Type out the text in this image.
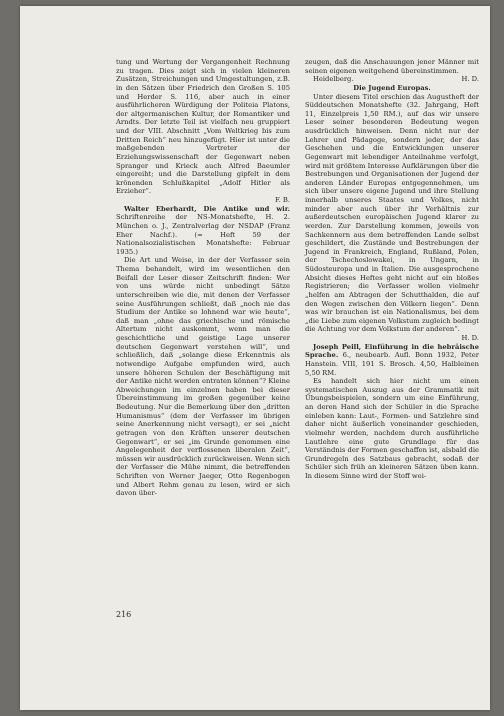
tung und Wertung der Vergangenheit Rechnung zu tragen. Dies zeigt sich in vielen kleineren Zusätzen, Streichungen und Umgestaltungen, z.B. in den Sätzen über Friedrich den Großen S. 105 und Herder S. 116, aber auch in einer ausführlicheren Würdigung der Politeia Platons, der altgermanischen Kultur, der Romantiker und Arndts. Der letzte Teil ist vielfach neu gruppiert und der VIII. Abschnitt „Vom Weltkrieg bis zum Dritten Reich“ neu hinzugefügt. Hier ist unter die maßgebenden Vertreter der Erziehungswissenschaft der Gegenwart neben Spranger und Krieck auch Alfred Baeumler eingereiht; und die Darstellung gipfelt in dem krönenden Schlußkapitel „Adolf Hitler als Erzieher“.

F. B.

Walter Eberhardt, Die Antike und wir. Schriftenreihe der NS-Monatshefte, H. 2. München o. J., Zentralverlag der NSDAP (Franz Eher Nachf.). (= Heft 59 der Nationalsozialistischen Monatshefte: Februar 1935.)

Die Art und Weise, in der der Verfasser sein Thema behandelt, wird im wesentlichen den Beifall der Leser dieser Zeitschrift finden: Wer von uns würde nicht unbedingt Sätze unterschreiben wie die, mit denen der Verfasser seine Ausführungen schließt, daß „noch nie das Studium der Antike so lohnend war wie heute“, daß man „ohne das griechische und römische Altertum nicht auskommt, wenn man die geschichtliche und geistige Lage unserer deutschen Gegenwart verstehen will“, und schließlich, daß „solange diese Erkenntnis als notwendige Aufgabe empfunden wird, auch unsere höheren Schulen der Beschäftigung mit der Antike nicht werden entraten können“? Kleine Abweichungen im einzelnen haben bei dieser Übereinstimmung im großen gegenüber keine Bedeutung. Nur die Bemerkung über den „dritten Humanismus“ (dem der Verfasser im übrigen seine Anerkennung nicht versagt), er sei „nicht getragen von den Kräften unserer deutschen Gegenwart“, er sei „im Grunde genommen eine Angelegenheit der verflossenen liberalen Zeit“, müssen wir ausdrücklich zurückweisen. Wenn sich der Verfasser die Mühe nimmt, die betreffenden Schriften von Werner Jaeger, Otto Regenbogen und Albert Rehm genau zu lesen, wird er sich davon über-

zeugen, daß die Anschauungen jener Männer mit seinen eigenen weitgehend übereinstimmen.

Heidelberg.	H. D.

Die Jugend Europas.

Unter diesem Titel erschien das Augustheft der Süddeutschen Monatshefte (32. Jahrgang, Heft 11, Einzelpreis 1,50 RM.), auf das wir unsere Leser seiner besonderen Bedeutung wegen ausdrücklich hinweisen. Denn nicht nur der Lehrer und Pädagoge, sondern jeder, der das Geschehen und die Entwicklungen unserer Gegenwart mit lebendiger Anteilnahme verfolgt, wird mit größtem Interesse Aufklärungen über die Bestrebungen und Organisationen der Jugend der anderen Länder Europas entgegennehmen, um sich über unsere eigene Jugend und ihre Stellung innerhalb unseres Staates und Volkes, nicht minder aber auch über ihr Verhältnis zur außerdeutschen europäischen Jugend klarer zu werden. Zur Darstellung kommen, jeweils von Sachkennern aus dem betreffenden Lande selbst geschildert, die Zustände und Bestrebungen der Jugend in Frankreich, England, Rußland, Polen, der Tschechoslowakei, in Ungarn, in Südosteuropa und in Italien. Die ausgesprochene Absicht dieses Heftes geht nicht auf ein bloßes Registrieren; die Verfasser wollen vielmehr „helfen am Abtragen der Schutthalden, die auf den Wegen zwischen den Völkern liegen“. Denn was wir brauchen ist ein Nationalismus, bei dem „die Liebe zum eigenen Volkstum zugleich bedingt die Achtung vor dem Volkstum der anderen“.

H. D.

Joseph Peill, Einführung in die hebräische Sprache. 6., neubearb. Aufl. Bonn 1932, Peter Hanstein. VIII, 191 S. Brosch. 4,50, Halbleinen 5,50 RM.

Es handelt sich hier nicht um einen systematischen Auszug aus der Grammatik mit Übungsbeispielen, sondern um eine Einführung, an deren Hand sich der Schüler in die Sprache einleben kann: Laut-, Formen- und Satzlehre sind daher nicht äußerlich voneinander geschieden, vielmehr werden, nachdem durch ausführliche Lautlehre eine gute Grundlage für das Verständnis der Formen geschaffen ist, alsbald die Grundregeln des Satzbaus gebracht, sodaß der Schüler sich früh an kleineren Sätzen üben kann. In diesem Sinne wird der Stoff wei-

216
